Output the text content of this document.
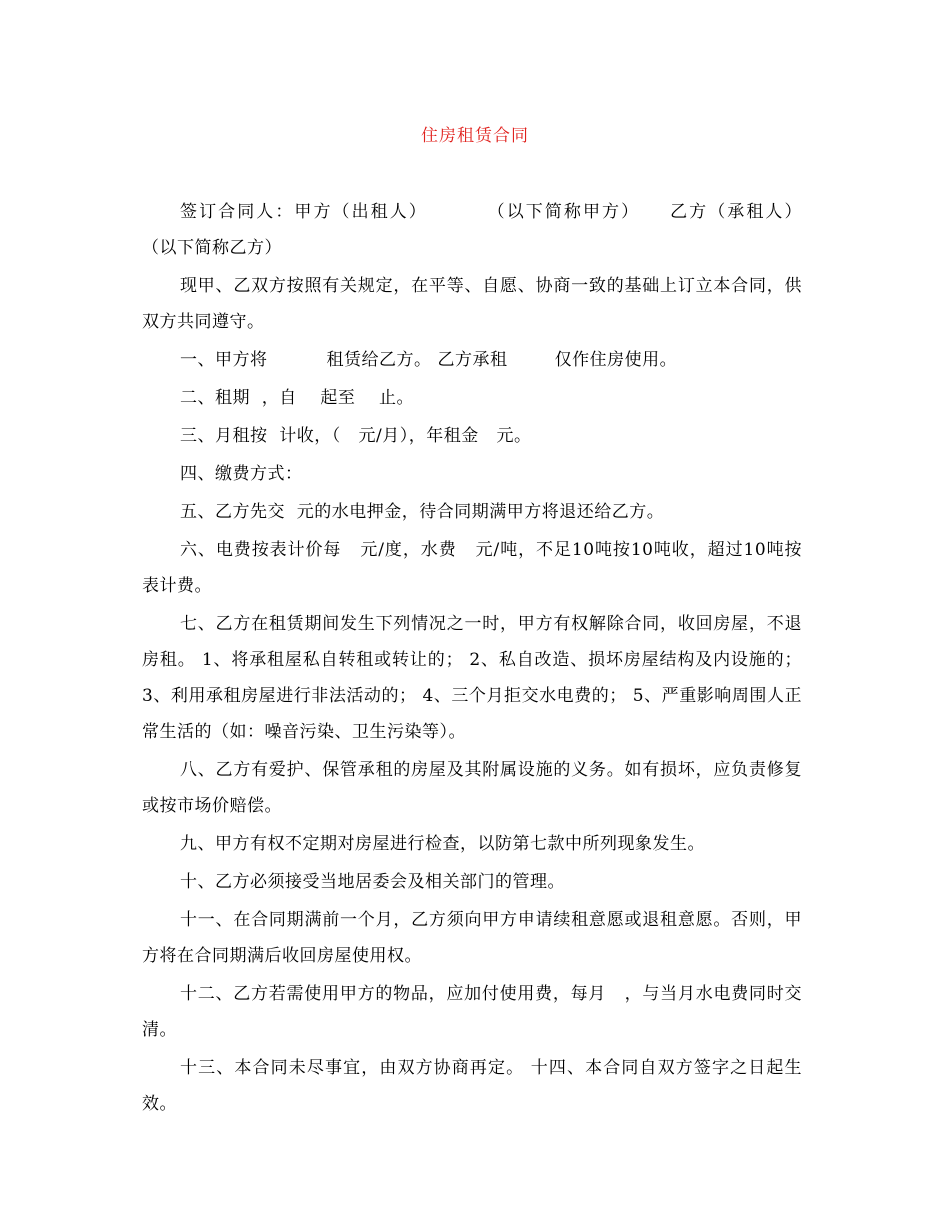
住房租赁合同

签订合同人：甲方（出租人）        （以下简称甲方）    乙方（承租人）        （以下简称乙方）

现甲、乙双方按照有关规定，在平等、自愿、协商一致的基础上订立本合同，供双方共同遵守。

一、甲方将          租赁给乙方。 乙方承租        仅作住房使用。

二、租期  ，自    起至    止。

三、月租按  计收，（   元/月），年租金   元。

四、缴费方式：

五、乙方先交  元的水电押金，待合同期满甲方将退还给乙方。

六、电费按表计价每   元/度，水费   元/吨，不足10吨按10吨收，超过10吨按表计费。

七、乙方在租赁期间发生下列情况之一时，甲方有权解除合同，收回房屋，不退房租。 1、将承租屋私自转租或转让的； 2、私自改造、损坏房屋结构及内设施的； 3、利用承租房屋进行非法活动的； 4、三个月拒交水电费的； 5、严重影响周围人正常生活的（如：噪音污染、卫生污染等）。

八、乙方有爱护、保管承租的房屋及其附属设施的义务。如有损坏，应负责修复或按市场价赔偿。

九、甲方有权不定期对房屋进行检查，以防第七款中所列现象发生。

十、乙方必须接受当地居委会及相关部门的管理。

十一、在合同期满前一个月，乙方须向甲方申请续租意愿或退租意愿。否则，甲方将在合同期满后收回房屋使用权。

十二、乙方若需使用甲方的物品，应加付使用费，每月   ，与当月水电费同时交清。

十三、本合同未尽事宜，由双方协商再定。 十四、本合同自双方签字之日起生效。
